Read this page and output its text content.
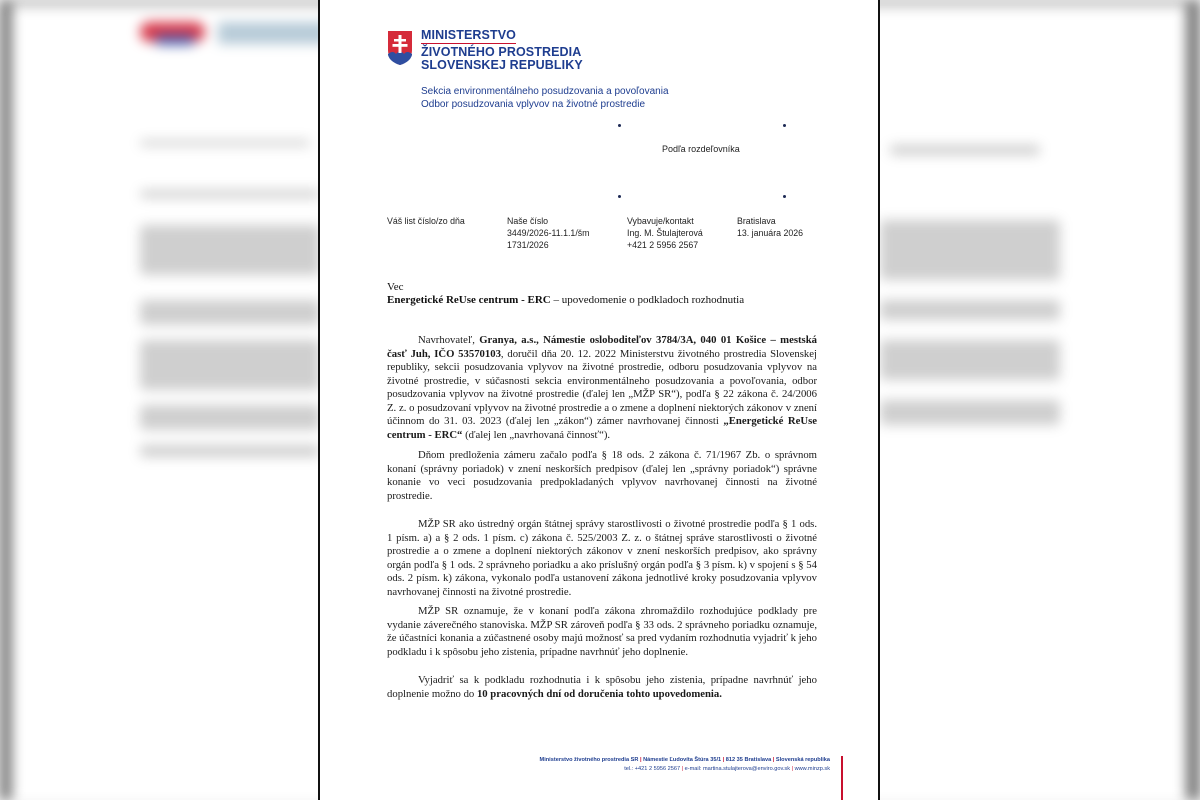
MINISTERSTVO
ŽIVOTNÉHO PROSTREDIA
SLOVENSKEJ REPUBLIKY
Sekcia environmentálneho posudzovania a povoľovania
Odbor posudzovania vplyvov na životné prostredie
Podľa rozdeľovníka
Váš list číslo/zo dňa	Naše číslo
3449/2026-11.1.1/šm
1731/2026
Vybavuje/kontakt
Ing. M. Štulajterová
+421 2 5956 2567
Bratislava
13. januára 2026
Vec
Energetické ReUse centrum - ERC – upovedomenie o podkladoch rozhodnutia

Navrhovateľ, Granya, a.s., Námestie osloboditeľov 3784/3A, 040 01 Košice – mestská časť Juh, IČO 53570103, doručil dňa 20. 12. 2022 Ministerstvu životného prostredia Slovenskej republiky, sekcii posudzovania vplyvov na životné prostredie, odboru posudzovania vplyvov na životné prostredie, v súčasnosti sekcia environmentálneho posudzovania a povoľovania, odbor posudzovania vplyvov na životné prostredie (ďalej len „MŽP SR“), podľa § 22 zákona č. 24/2006 Z. z. o posudzovaní vplyvov na životné prostredie a o zmene a doplnení niektorých zákonov v znení účinnom do 31. 03. 2023 (ďalej len „zákon“) zámer navrhovanej činnosti „Energetické ReUse centrum - ERC“ (ďalej len „navrhovaná činnosť“).

Dňom predloženia zámeru začalo podľa § 18 ods. 2 zákona č. 71/1967 Zb. o správnom konaní (správny poriadok) v znení neskorších predpisov (ďalej len „správny poriadok“) správne konanie vo veci posudzovania predpokladaných vplyvov navrhovanej činnosti na životné prostredie.

MŽP SR ako ústredný orgán štátnej správy starostlivosti o životné prostredie podľa § 1 ods. 1 písm. a) a § 2 ods. 1 písm. c) zákona č. 525/2003 Z. z. o štátnej správe starostlivosti o životné prostredie a o zmene a doplnení niektorých zákonov v znení neskorších predpisov, ako správny orgán podľa § 1 ods. 2 správneho poriadku a ako príslušný orgán podľa § 3 písm. k) v spojení s § 54 ods. 2 písm. k) zákona, vykonalo podľa ustanovení zákona jednotlivé kroky posudzovania vplyvov navrhovanej činnosti na životné prostredie.

MŽP SR oznamuje, že v konaní podľa zákona zhromaždilo rozhodujúce podklady pre vydanie záverečného stanoviska. MŽP SR zároveň podľa § 33 ods. 2 správneho poriadku oznamuje, že účastníci konania a zúčastnené osoby majú možnosť sa pred vydaním rozhodnutia vyjadriť k jeho podkladu i k spôsobu jeho zistenia, prípadne navrhnúť jeho doplnenie.

Vyjadriť sa k podkladu rozhodnutia i k spôsobu jeho zistenia, prípadne navrhnúť jeho doplnenie možno do 10 pracovných dní od doručenia tohto upovedomenia.

Ministerstvo životného prostredia SR | Námestie Ľudovíta Štúra 35/1 | 812 35 Bratislava | Slovenská republika
tel.: +421 2 5956 2567 | e-mail: martina.stulajterova@enviro.gov.sk | www.minzp.sk
